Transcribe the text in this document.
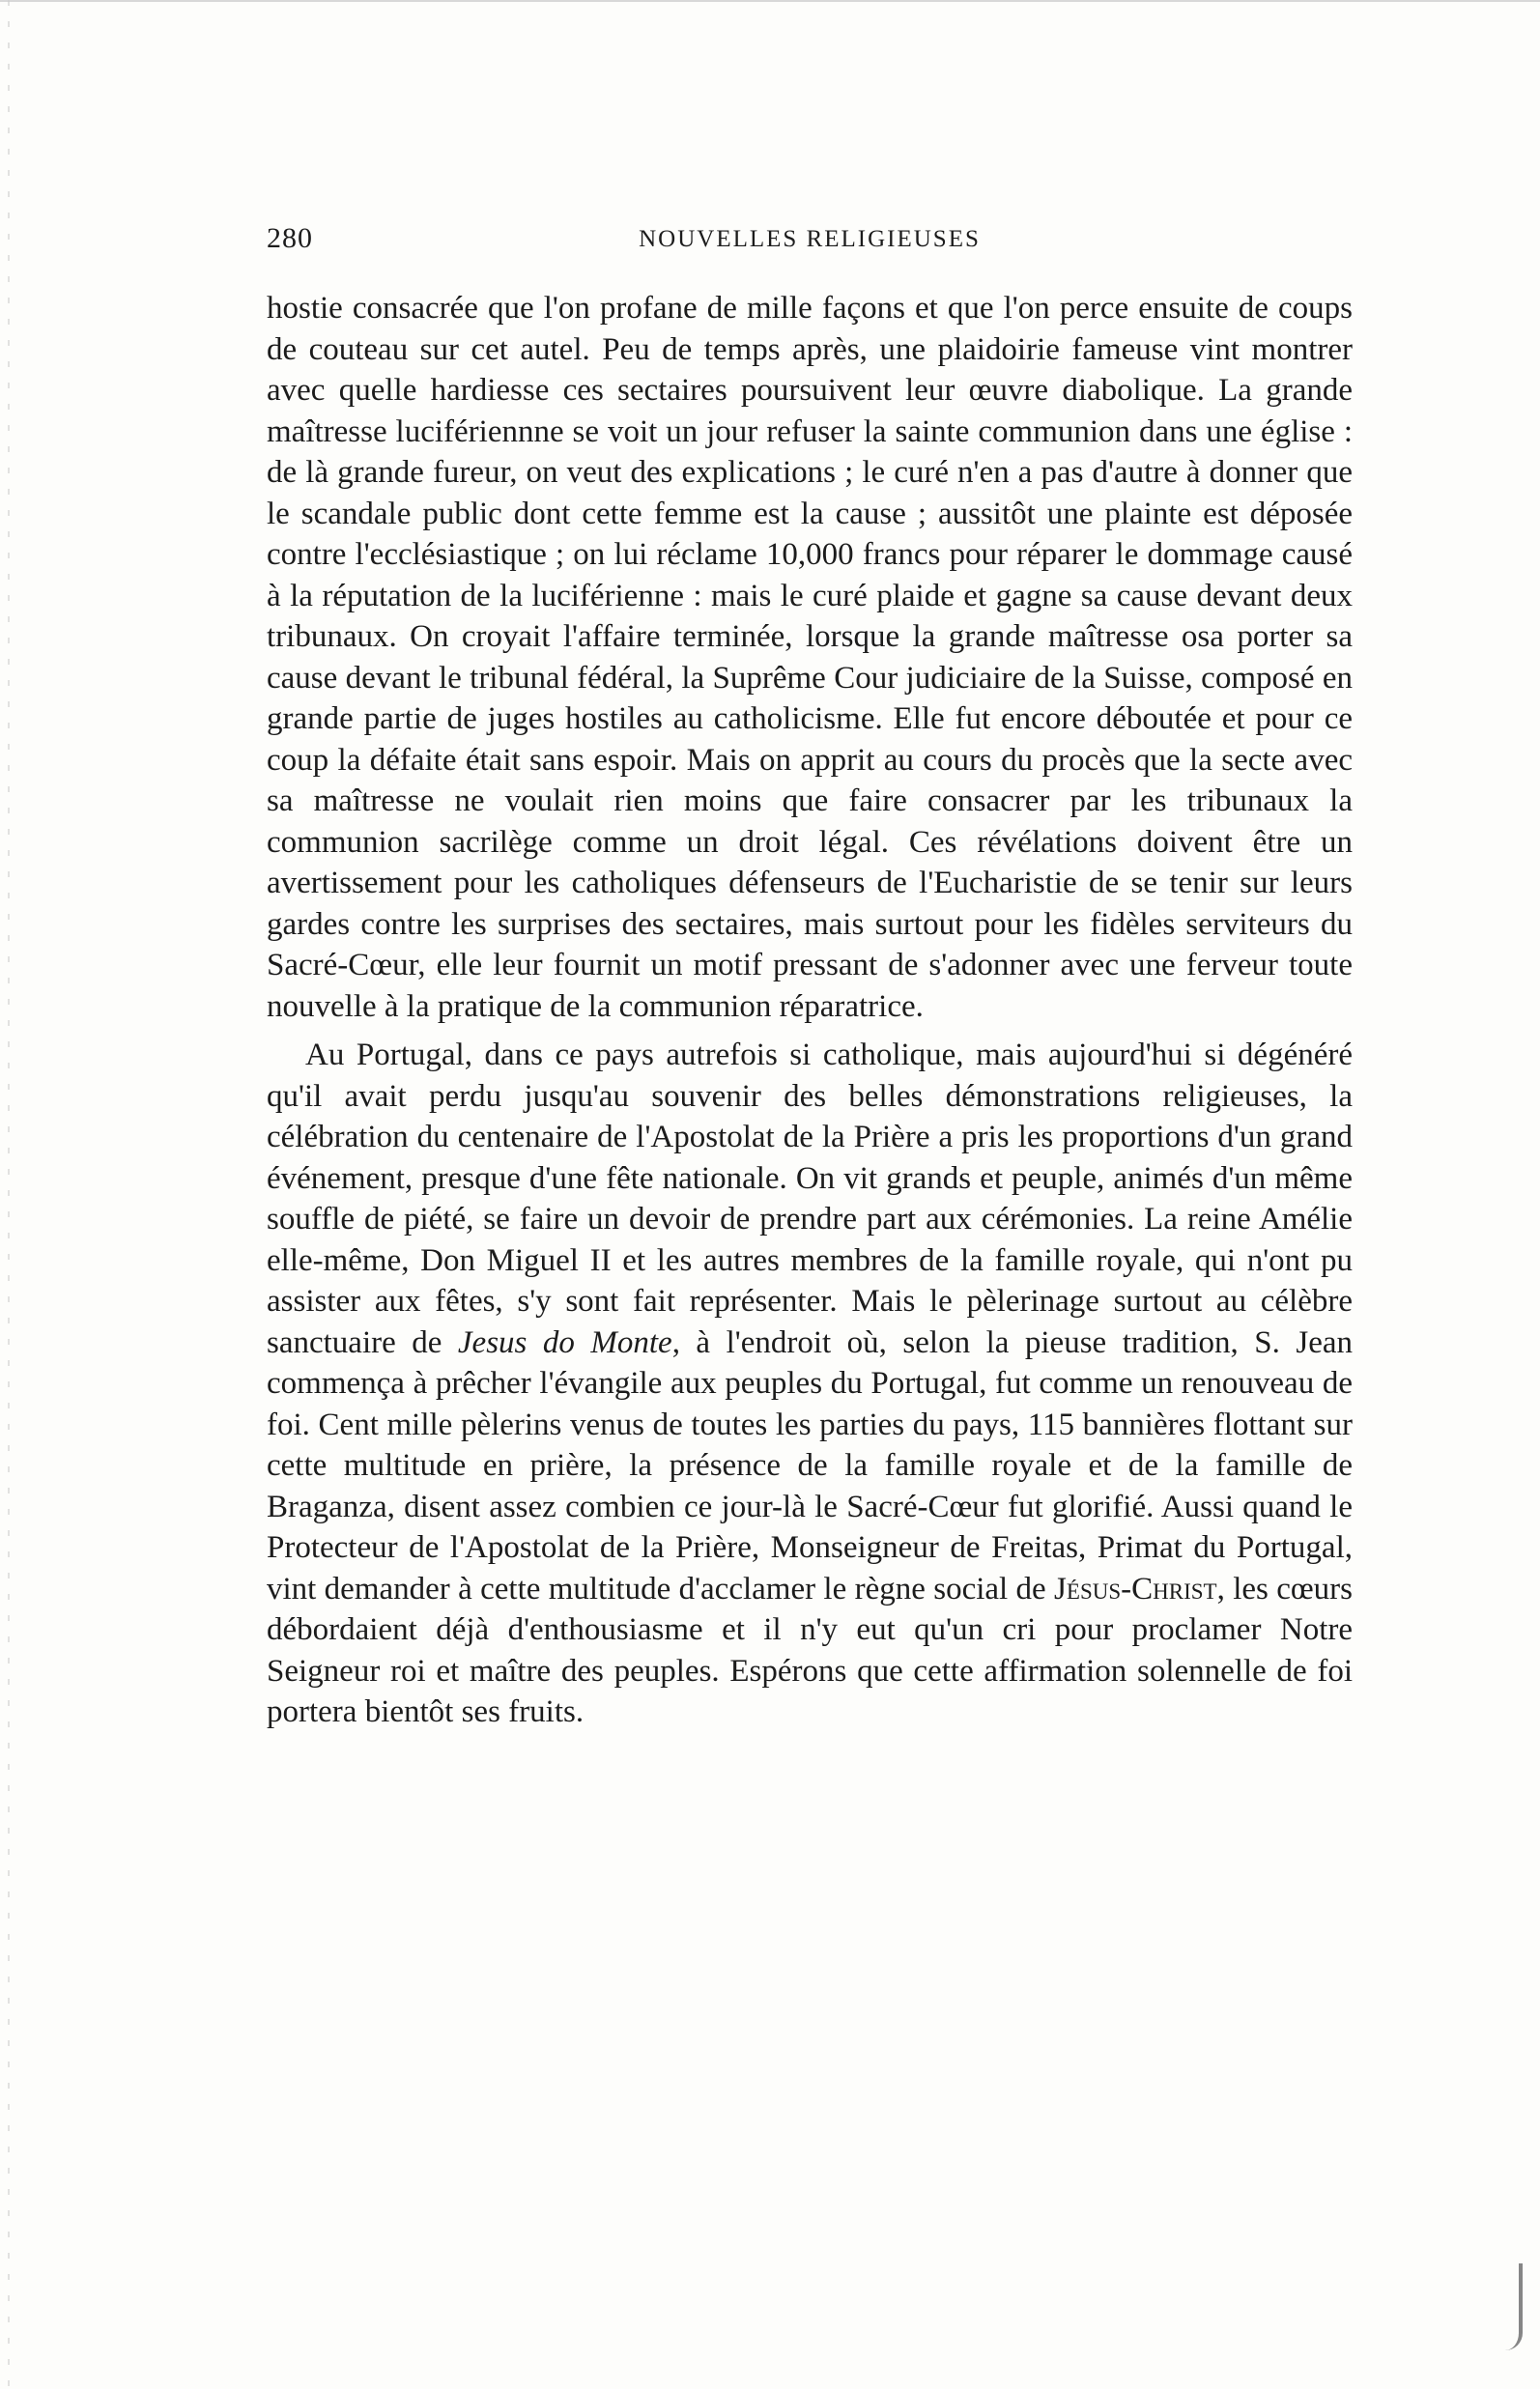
280	NOUVELLES RELIGIEUSES

hostie consacrée que l'on profane de mille façons et que l'on perce ensuite de coups de couteau sur cet autel. Peu de temps après, une plaidoirie fameuse vint montrer avec quelle hardiesse ces sectaires poursuivent leur œuvre diabolique. La grande maîtresse lucifériennne se voit un jour refuser la sainte communion dans une église : de là grande fureur, on veut des explications ; le curé n'en a pas d'autre à donner que le scandale public dont cette femme est la cause ; aussitôt une plainte est déposée contre l'ecclésiastique ; on lui réclame 10,000 francs pour réparer le dommage causé à la réputation de la luciférienne : mais le curé plaide et gagne sa cause devant deux tribunaux. On croyait l'affaire terminée, lorsque la grande maîtresse osa porter sa cause devant le tribunal fédéral, la Suprême Cour judiciaire de la Suisse, composé en grande partie de juges hostiles au catholicisme. Elle fut encore déboutée et pour ce coup la défaite était sans espoir. Mais on apprit au cours du procès que la secte avec sa maîtresse ne voulait rien moins que faire consacrer par les tribunaux la communion sacrilège comme un droit légal. Ces révélations doivent être un avertissement pour les catholiques défenseurs de l'Eucharistie de se tenir sur leurs gardes contre les surprises des sectaires, mais surtout pour les fidèles serviteurs du Sacré-Cœur, elle leur fournit un motif pressant de s'adonner avec une ferveur toute nouvelle à la pratique de la communion réparatrice.

Au Portugal, dans ce pays autrefois si catholique, mais aujourd'hui si dégénéré qu'il avait perdu jusqu'au souvenir des belles démonstrations religieuses, la célébration du centenaire de l'Apostolat de la Prière a pris les proportions d'un grand événement, presque d'une fête nationale. On vit grands et peuple, animés d'un même souffle de piété, se faire un devoir de prendre part aux cérémonies. La reine Amélie elle-même, Don Miguel II et les autres membres de la famille royale, qui n'ont pu assister aux fêtes, s'y sont fait représenter. Mais le pèlerinage surtout au célèbre sanctuaire de Jesus do Monte, à l'endroit où, selon la pieuse tradition, S. Jean commença à prêcher l'évangile aux peuples du Portugal, fut comme un renouveau de foi. Cent mille pèlerins venus de toutes les parties du pays, 115 bannières flottant sur cette multitude en prière, la présence de la famille royale et de la famille de Braganza, disent assez combien ce jour-là le Sacré-Cœur fut glorifié. Aussi quand le Protecteur de l'Apostolat de la Prière, Monseigneur de Freitas, Primat du Portugal, vint demander à cette multitude d'acclamer le règne social de Jésus-Christ, les cœurs débordaient déjà d'enthousiasme et il n'y eut qu'un cri pour proclamer Notre Seigneur roi et maître des peuples. Espérons que cette affirmation solennelle de foi portera bientôt ses fruits.
